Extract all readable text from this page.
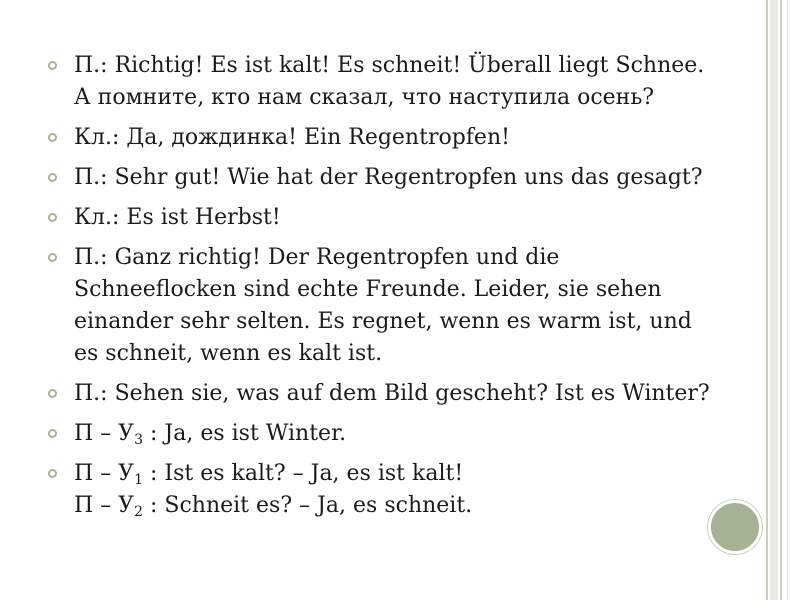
П.: Richtig! Es ist kalt! Es schneit! Überall liegt Schnee.
А помните, кто нам сказал, что наступила осень?
Кл.: Да, дождинка! Ein Regentropfen!
П.: Sehr gut! Wie hat der Regentropfen uns das gesagt?
Кл.: Es ist Herbst!
П.: Ganz richtig! Der Regentropfen und die
Schneeflocken sind echte Freunde. Leider, sie sehen
einander sehr selten. Es regnet, wenn es warm ist, und
es schneit, wenn es kalt ist.
П.: Sehen sie, was auf dem Bild gescheht? Ist es Winter?
П – $У_3$ : Ja, es ist Winter.
П – $У_1$ : Ist es kalt? – Ja, es ist kalt!
П – $У_2$ : Schneit es? – Ja, es schneit.
